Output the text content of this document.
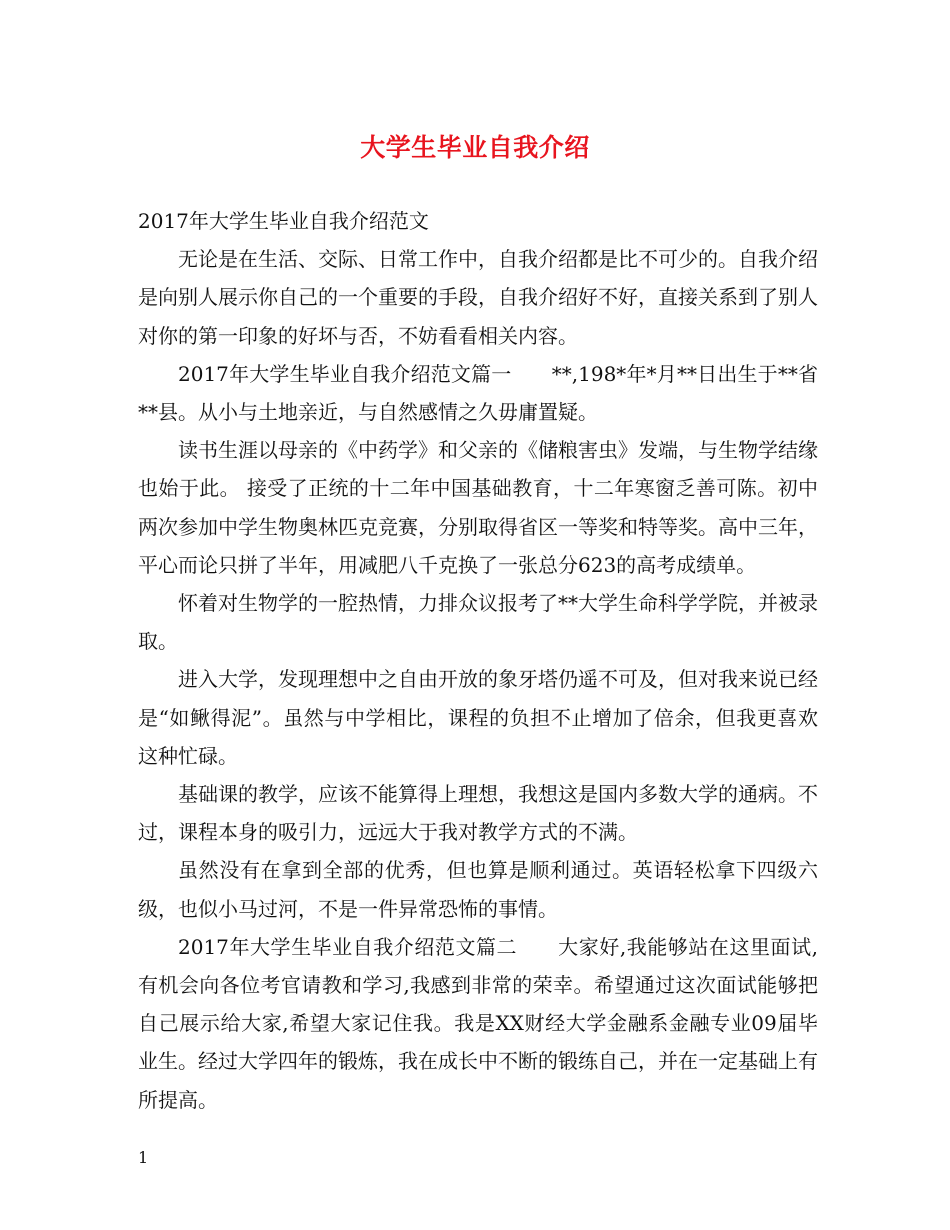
大学生毕业自我介绍

2017年大学生毕业自我介绍范文

无论是在生活、交际、日常工作中，自我介绍都是比不可少的。自我介绍是向别人展示你自己的一个重要的手段，自我介绍好不好，直接关系到了别人对你的第一印象的好坏与否，不妨看看相关内容。

2017年大学生毕业自我介绍范文篇一　　**,198*年*月**日出生于**省**县。从小与土地亲近，与自然感情之久毋庸置疑。

读书生涯以母亲的《中药学》和父亲的《储粮害虫》发端，与生物学结缘也始于此。 接受了正统的十二年中国基础教育，十二年寒窗乏善可陈。初中两次参加中学生物奥林匹克竞赛，分别取得省区一等奖和特等奖。高中三年，平心而论只拼了半年，用减肥八千克换了一张总分623的高考成绩单。

怀着对生物学的一腔热情，力排众议报考了**大学生命科学学院，并被录取。

进入大学，发现理想中之自由开放的象牙塔仍遥不可及，但对我来说已经是“如鳅得泥”。虽然与中学相比，课程的负担不止增加了倍余，但我更喜欢这种忙碌。

基础课的教学，应该不能算得上理想，我想这是国内多数大学的通病。不过，课程本身的吸引力，远远大于我对教学方式的不满。

虽然没有在拿到全部的优秀，但也算是顺利通过。英语轻松拿下四级六级，也似小马过河，不是一件异常恐怖的事情。

2017年大学生毕业自我介绍范文篇二　　大家好,我能够站在这里面试,有机会向各位考官请教和学习,我感到非常的荣幸。希望通过这次面试能够把自己展示给大家,希望大家记住我。我是XX财经大学金融系金融专业09届毕业生。经过大学四年的锻炼，我在成长中不断的锻练自己，并在一定基础上有所提高。

1
